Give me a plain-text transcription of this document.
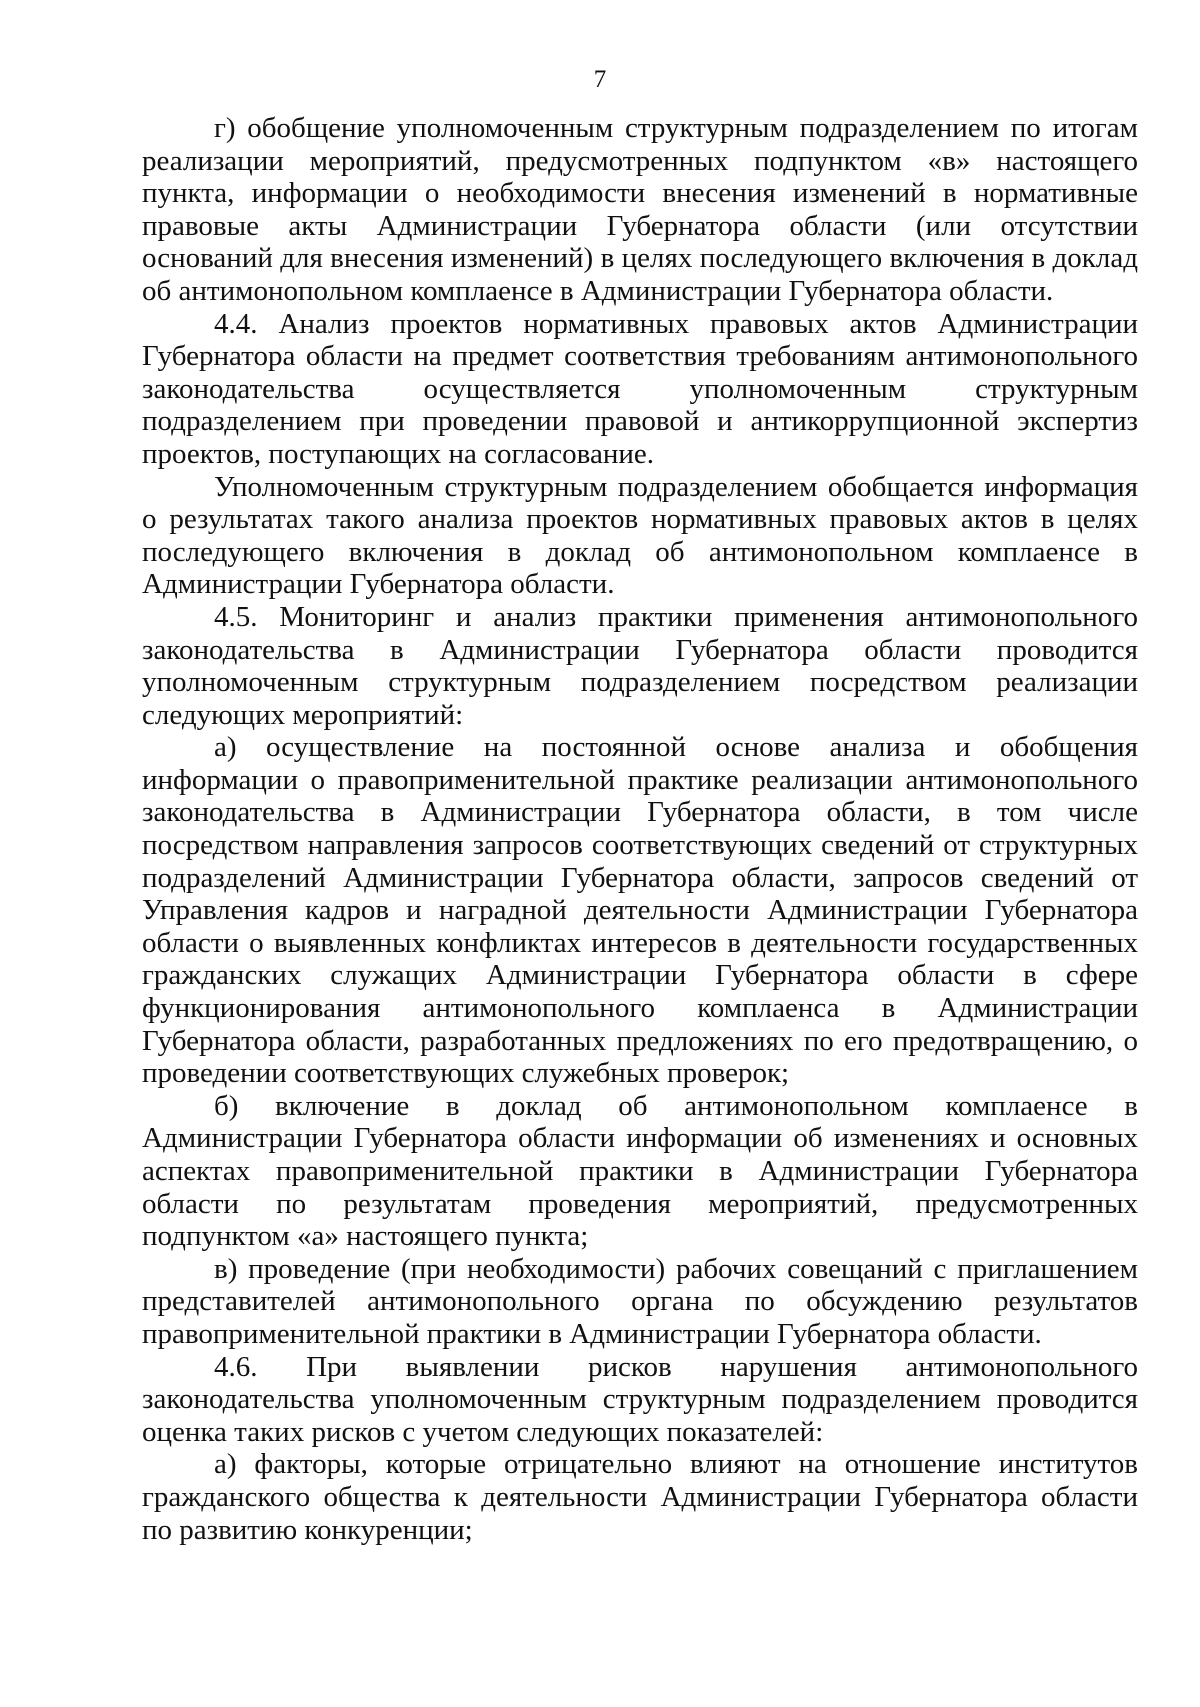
7

г) обобщение уполномоченным структурным подразделением по итогам реализации мероприятий, предусмотренных подпунктом «в» настоящего пункта, информации о необходимости внесения изменений в нормативные правовые акты Администрации Губернатора области (или отсутствии оснований для внесения изменений) в целях последующего включения в доклад об антимонопольном комплаенсе в Администрации Губернатора области.

4.4. Анализ проектов нормативных правовых актов Администрации Губернатора области на предмет соответствия требованиям антимонопольного законодательства осуществляется уполномоченным структурным подразделением при проведении правовой и антикоррупционной экспертиз проектов, поступающих на согласование.

Уполномоченным структурным подразделением обобщается информация о результатах такого анализа проектов нормативных правовых актов в целях последующего включения в доклад об антимонопольном комплаенсе в Администрации Губернатора области.

4.5. Мониторинг и анализ практики применения антимонопольного законодательства в Администрации Губернатора области проводится уполномоченным структурным подразделением посредством реализации следующих мероприятий:

а) осуществление на постоянной основе анализа и обобщения информации о правоприменительной практике реализации антимонопольного законодательства в Администрации Губернатора области, в том числе посредством направления запросов соответствующих сведений от структурных подразделений Администрации Губернатора области, запросов сведений от Управления кадров и наградной деятельности Администрации Губернатора области о выявленных конфликтах интересов в деятельности государственных гражданских служащих Администрации Губернатора области в сфере функционирования антимонопольного комплаенса в Администрации Губернатора области, разработанных предложениях по его предотвращению, о проведении соответствующих служебных проверок;

б) включение в доклад об антимонопольном комплаенсе в Администрации Губернатора области информации об изменениях и основных аспектах правоприменительной практики в Администрации Губернатора области по результатам проведения мероприятий, предусмотренных подпунктом «а» настоящего пункта;

в) проведение (при необходимости) рабочих совещаний с приглашением представителей антимонопольного органа по обсуждению результатов правоприменительной практики в Администрации Губернатора области.

4.6. При выявлении рисков нарушения антимонопольного законодательства уполномоченным структурным подразделением проводится оценка таких рисков с учетом следующих показателей:

а) факторы, которые отрицательно влияют на отношение институтов гражданского общества к деятельности Администрации Губернатора области по развитию конкуренции;
